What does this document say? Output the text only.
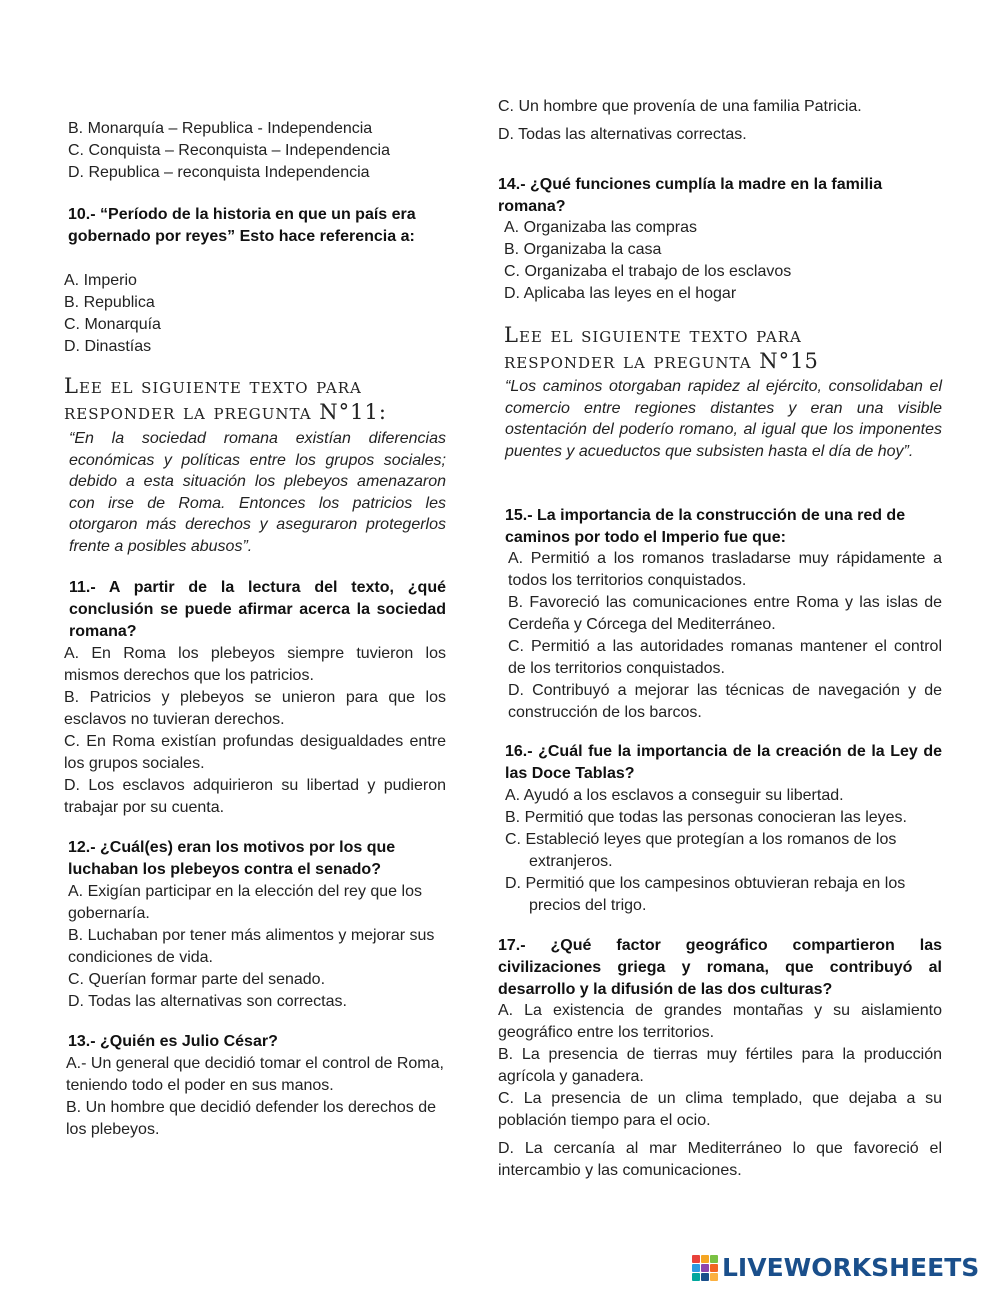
B. Monarquía – Republica - Independencia
C. Conquista – Reconquista – Independencia
D. Republica – reconquista Independencia
10.- “Período de la historia en que un país era gobernado por reyes” Esto hace referencia a:
A. Imperio
B. Republica
C. Monarquía
D. Dinastías
Lee el siguiente texto para
responder la pregunta N°11:
“En la sociedad romana existían diferencias económicas y políticas entre los grupos sociales; debido a esta situación los plebeyos amenazaron con irse de Roma. Entonces los patricios les otorgaron más derechos y aseguraron protegerlos frente a posibles abusos”.
11.- A partir de la lectura del texto, ¿qué conclusión se puede afirmar acerca la sociedad romana?
A. En Roma los plebeyos siempre tuvieron los mismos derechos que los patricios.
B. Patricios y plebeyos se unieron para que los esclavos no tuvieran derechos.
C. En Roma existían profundas desigualdades entre los grupos sociales.
D. Los esclavos adquirieron su libertad y pudieron trabajar por su cuenta.
12.- ¿Cuál(es) eran los motivos por los que luchaban los plebeyos contra el senado?
A. Exigían participar en la elección del rey que los gobernaría.
B. Luchaban por tener más alimentos y mejorar sus condiciones de vida.
C. Querían formar parte del senado.
D. Todas las alternativas son correctas.
13.- ¿Quién es Julio César?
A.- Un general que decidió tomar el control de Roma, teniendo todo el poder en sus manos.
B. Un hombre que decidió defender los derechos de los plebeyos.
C. Un hombre que provenía de una familia Patricia.
D. Todas las alternativas correctas.
14.- ¿Qué funciones cumplía la madre en la familia romana?
A. Organizaba las compras
B. Organizaba la casa
C. Organizaba el trabajo de los esclavos
D. Aplicaba las leyes en el hogar
Lee el siguiente texto para
responder la pregunta N°15
“Los caminos otorgaban rapidez al ejército, consolidaban el comercio entre regiones distantes y eran una visible ostentación del poderío romano, al igual que los imponentes puentes y acueductos que subsisten hasta el día de hoy”.
15.- La importancia de la construcción de una red de caminos por todo el Imperio fue que:
A. Permitió a los romanos trasladarse muy rápidamente a todos los territorios conquistados.
B. Favoreció las comunicaciones entre Roma y las islas de Cerdeña y Córcega del Mediterráneo.
C. Permitió a las autoridades romanas mantener el control de los territorios conquistados.
D. Contribuyó a mejorar las técnicas de navegación y de construcción de los barcos.
16.- ¿Cuál fue la importancia de la creación de la Ley de las Doce Tablas?
A. Ayudó a los esclavos a conseguir su libertad.
B. Permitió que todas las personas conocieran las leyes.
C. Estableció leyes que protegían a los romanos de los extranjeros.
D. Permitió que los campesinos obtuvieran rebaja en los precios del trigo.
17.- ¿Qué factor geográfico compartieron las civilizaciones griega y romana, que contribuyó al desarrollo y la difusión de las dos culturas?
A. La existencia de grandes montañas y su aislamiento geográfico entre los territorios.
B. La presencia de tierras muy fértiles para la producción agrícola y ganadera.
C. La presencia de un clima templado, que dejaba a su población tiempo para el ocio.
D. La cercanía al mar Mediterráneo lo que favoreció el intercambio y las comunicaciones.
LIVEWORKSHEETS
